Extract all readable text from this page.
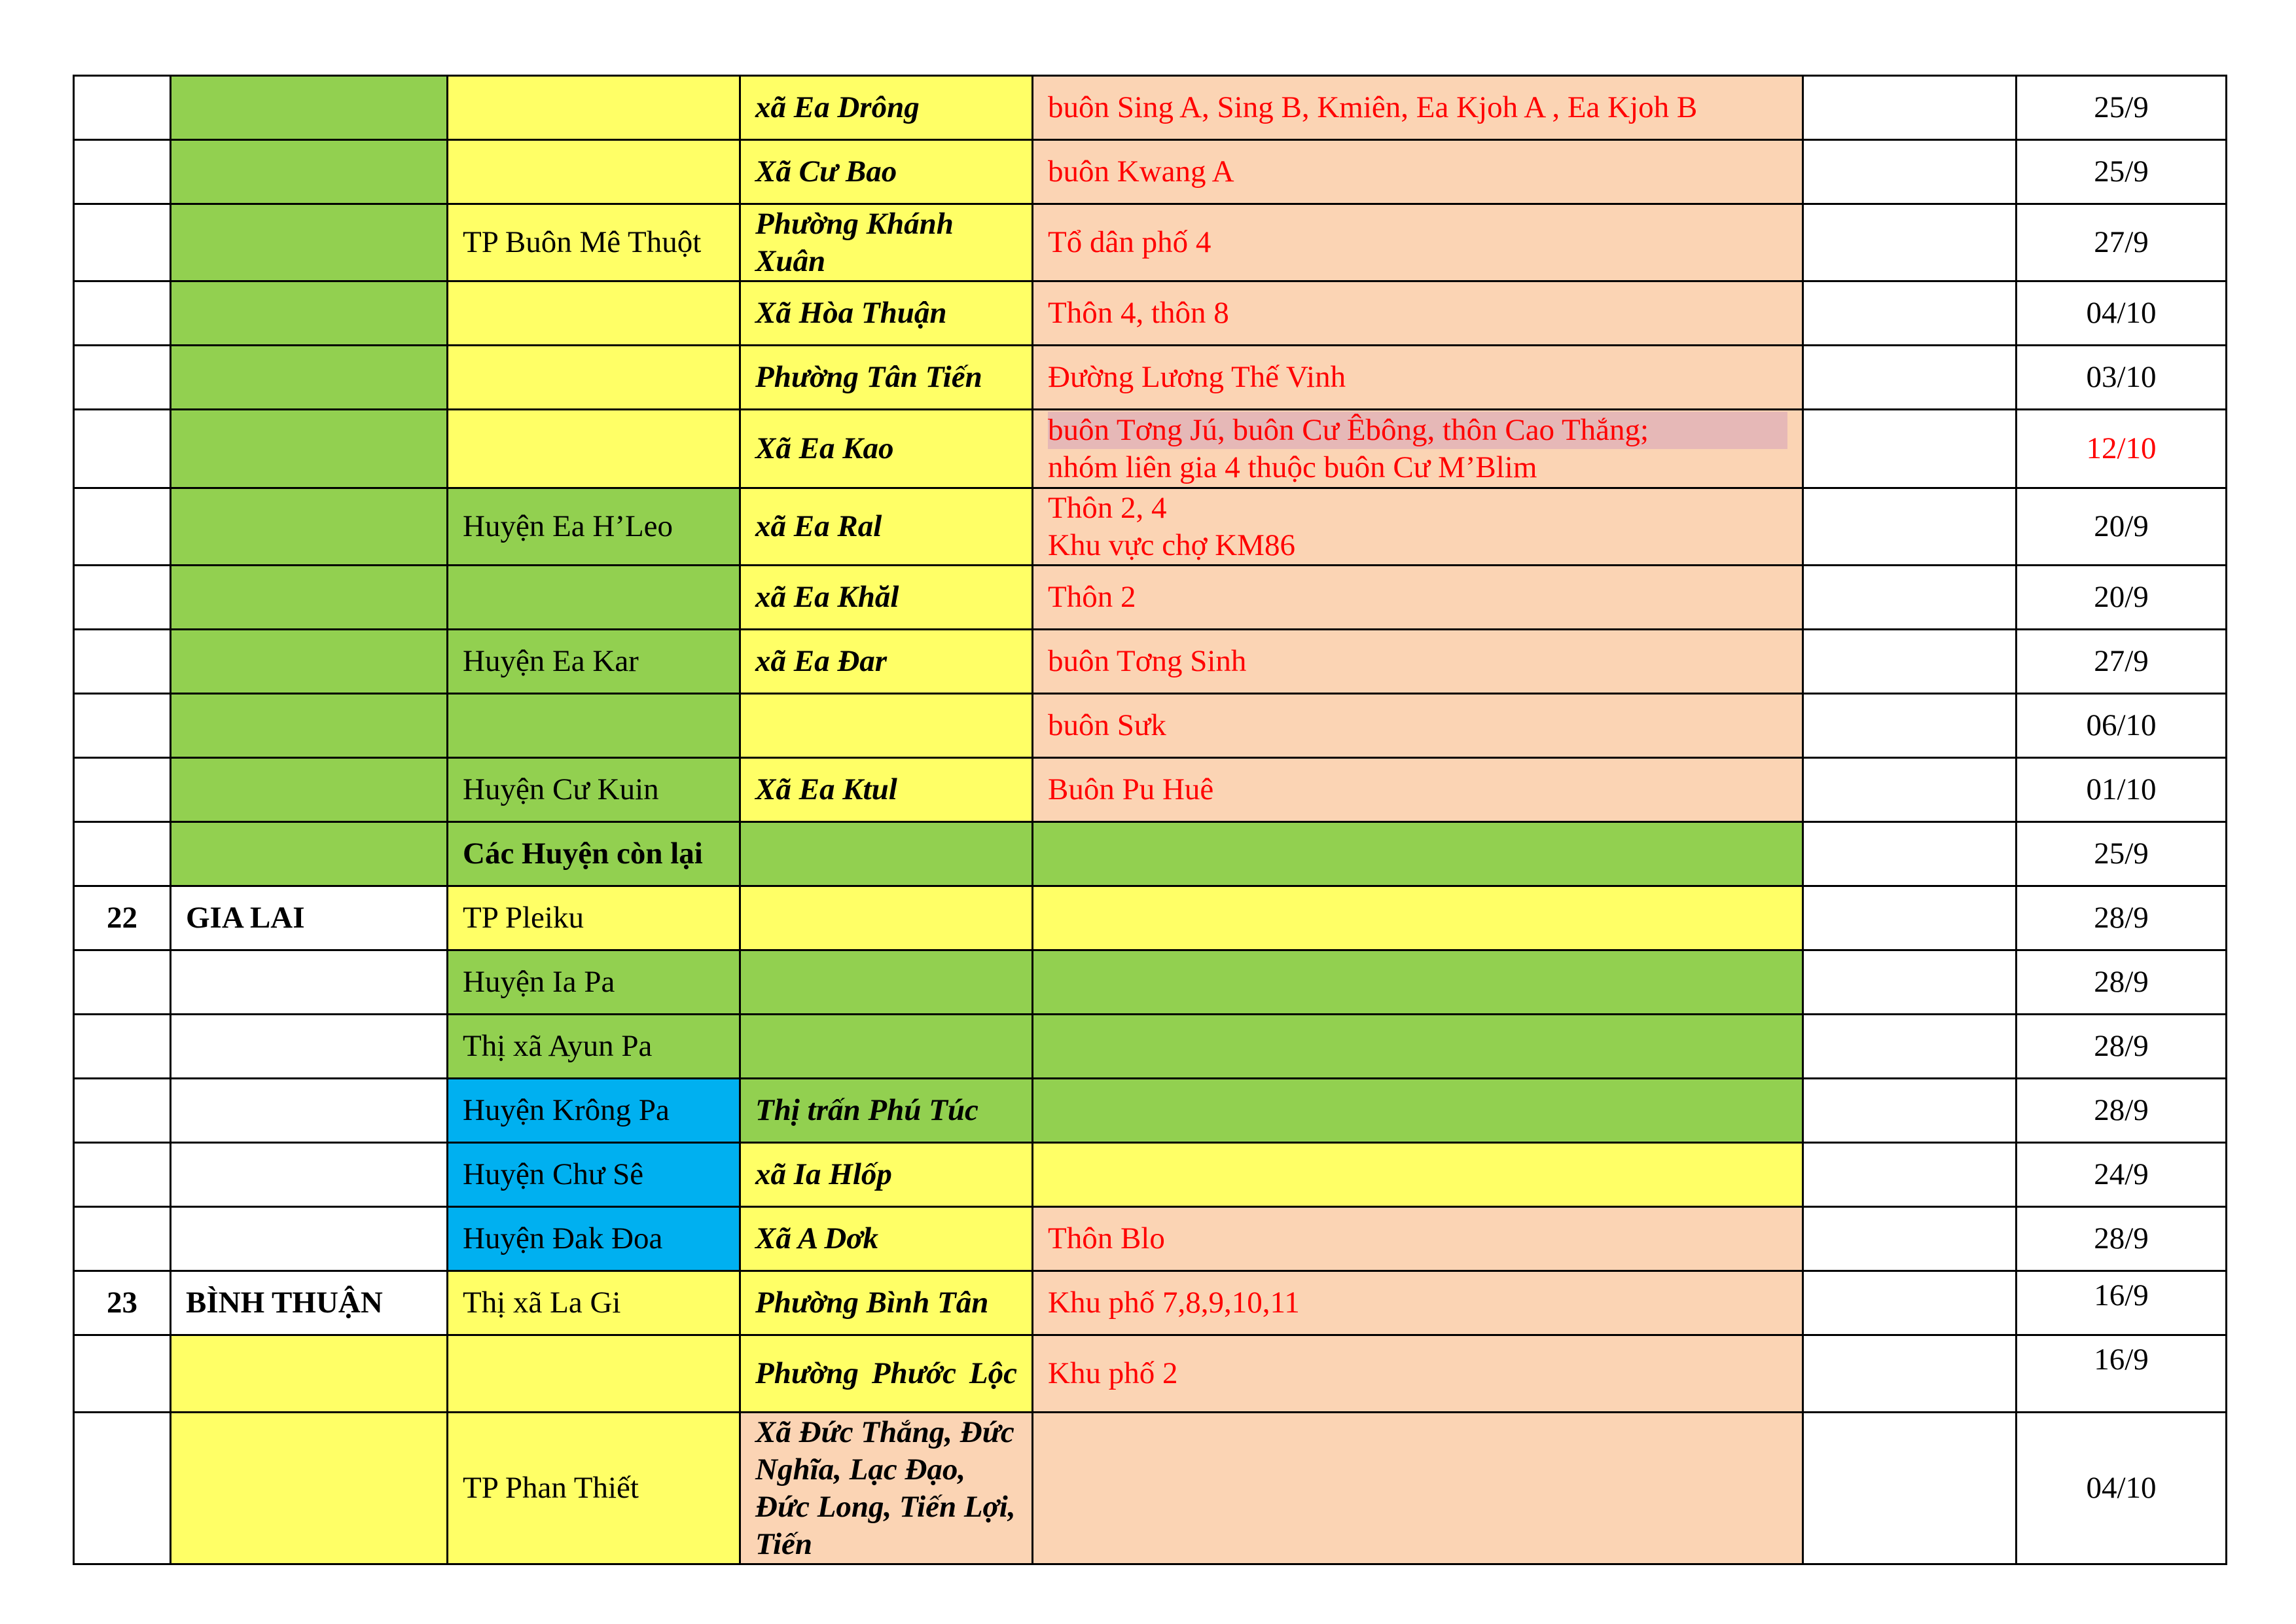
			xã Ea Drông	buôn Sing A, Sing B, Kmiên, Ea Kjoh A , Ea Kjoh B		25/9
			Xã Cư Bao	buôn Kwang A		25/9
		TP Buôn Mê Thuột	Phường Khánh Xuân	Tổ dân phố 4		27/9
			Xã Hòa Thuận	Thôn 4, thôn 8		04/10
			Phường Tân Tiến	Đường Lương Thế Vinh		03/10
			Xã Ea Kao	buôn Tơng Jú, buôn Cư Êbông, thôn Cao Thắng;
nhóm liên gia 4 thuộc buôn Cư M’Blim		12/10
		Huyện Ea H’Leo	xã Ea Ral	Thôn 2, 4
Khu vực chợ KM86		20/9
			xã Ea Khăl	Thôn 2		20/9
		Huyện Ea Kar	xã Ea Đar	buôn Tơng Sinh		27/9
				buôn Sưk		06/10
		Huyện Cư Kuin	Xã Ea Ktul	Buôn Pu Huê		01/10
		Các Huyện còn lại				25/9
22	GIA LAI	TP Pleiku				28/9
		Huyện Ia Pa				28/9
		Thị xã Ayun Pa				28/9
		Huyện Krông Pa	Thị trấn Phú Túc			28/9
		Huyện Chư Sê	xã Ia Hlốp			24/9
		Huyện Đak Đoa	Xã A Dơk	Thôn Blo		28/9
23	BÌNH THUẬN	Thị xã La Gi	Phường Bình Tân	Khu phố 7,8,9,10,11		16/9
			Phường Phước Lộc	Khu phố 2		16/9
		TP Phan Thiết	Xã Đức Thắng, Đức Nghĩa, Lạc Đạo, Đức Long, Tiến Lợi, Tiến			04/10
